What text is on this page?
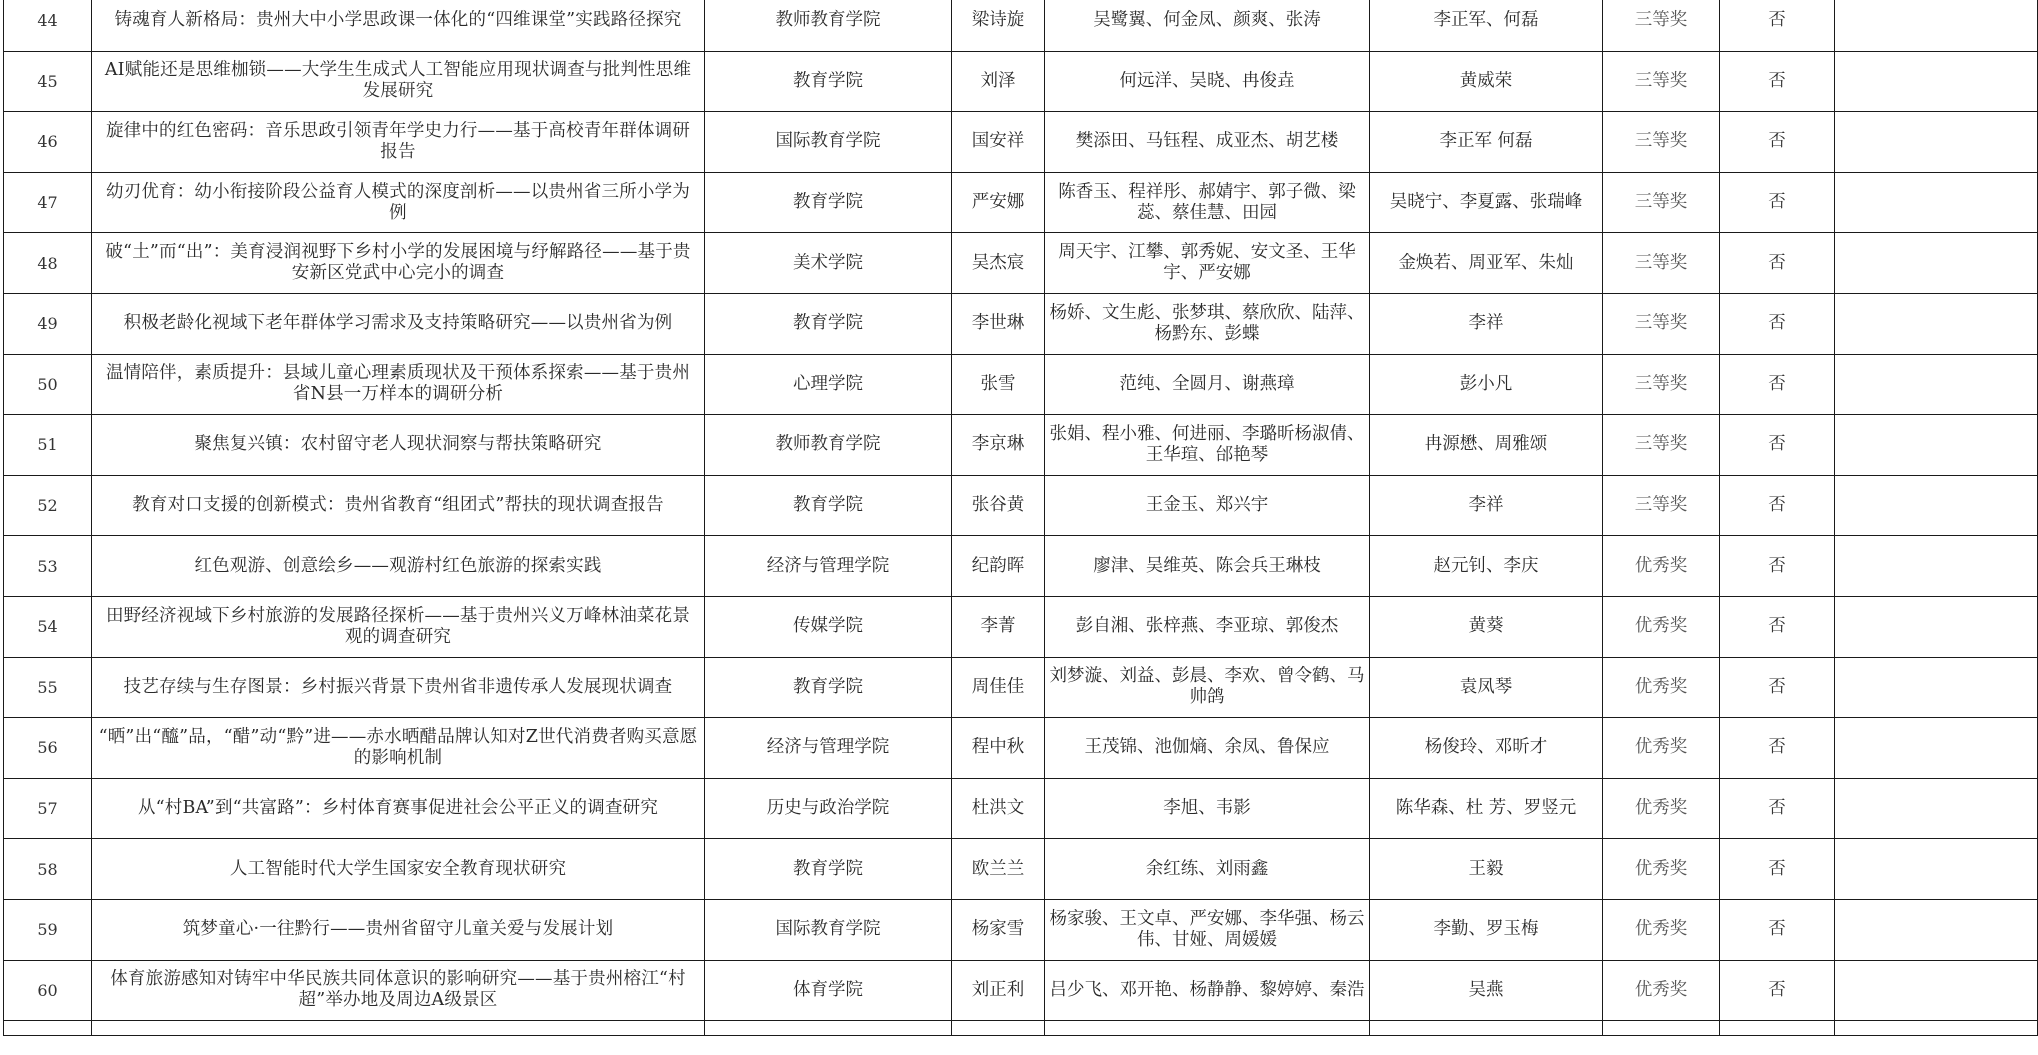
44	铸魂育人新格局：贵州大中小学思政课一体化的“四维课堂”实践路径探究	教师教育学院	梁诗旋	吴鹭翼、何金凤、颜爽、张涛	李正军、何磊	三等奖	否	
45	AI赋能还是思维枷锁——大学生生成式人工智能应用现状调查与批判性思维发展研究	教育学院	刘泽	何远洋、吴晓、冉俊垚	黄威荣	三等奖	否	
46	旋律中的红色密码：音乐思政引领青年学史力行——基于高校青年群体调研报告	国际教育学院	国安祥	樊添田、马钰程、成亚杰、胡艺楼	李正军 何磊	三等奖	否	
47	幼刃优育：幼小衔接阶段公益育人模式的深度剖析——以贵州省三所小学为例	教育学院	严安娜	陈香玉、程祥彤、郝婧宇、郭子微、梁蕊、蔡佳慧、田园	吴晓宁、李夏露、张瑞峰	三等奖	否	
48	破“土”而“出”：美育浸润视野下乡村小学的发展困境与纾解路径——基于贵安新区党武中心完小的调查	美术学院	吴杰宸	周天宇、江攀、郭秀妮、安文圣、王华宇、严安娜	金焕若、周亚军、朱灿	三等奖	否	
49	积极老龄化视域下老年群体学习需求及支持策略研究——以贵州省为例	教育学院	李世琳	杨娇、文生彪、张梦琪、蔡欣欣、陆萍、杨黔东、彭蝶	李祥	三等奖	否	
50	温情陪伴，素质提升：县域儿童心理素质现状及干预体系探索——基于贵州省N县一万样本的调研分析	心理学院	张雪	范纯、全圆月、谢燕璋	彭小凡	三等奖	否	
51	聚焦复兴镇：农村留守老人现状洞察与帮扶策略研究	教师教育学院	李京琳	张娟、程小雅、何进丽、李璐昕杨淑倩、王华瑄、邰艳琴	冉源懋、周雅颂	三等奖	否	
52	教育对口支援的创新模式：贵州省教育“组团式”帮扶的现状调查报告	教育学院	张谷黄	王金玉、郑兴宇	李祥	三等奖	否	
53	红色观游、创意绘乡——观游村红色旅游的探索实践	经济与管理学院	纪韵晖	廖津、吴维英、陈会兵王琳枝	赵元钊、李庆	优秀奖	否	
54	田野经济视域下乡村旅游的发展路径探析——基于贵州兴义万峰林油菜花景观的调查研究	传媒学院	李菁	彭自湘、张梓燕、李亚琼、郭俊杰	黄葵	优秀奖	否	
55	技艺存续与生存图景：乡村振兴背景下贵州省非遗传承人发展现状调查	教育学院	周佳佳	刘梦漩、刘益、彭晨、李欢、曾令鹤、马帅鸽	袁凤琴	优秀奖	否	
56	“晒”出“醯”品，“醋”动“黔”进——赤水晒醋品牌认知对Z世代消费者购买意愿的影响机制	经济与管理学院	程中秋	王茂锦、池伽熵、余凤、鲁保应	杨俊玲、邓昕才	优秀奖	否	
57	从“村BA”到“共富路”：乡村体育赛事促进社会公平正义的调查研究	历史与政治学院	杜洪文	李旭、韦影	陈华森、杜 芳、罗竖元	优秀奖	否	
58	人工智能时代大学生国家安全教育现状研究	教育学院	欧兰兰	余红练、刘雨鑫	王毅	优秀奖	否	
59	筑梦童心·一往黔行——贵州省留守儿童关爱与发展计划	国际教育学院	杨家雪	杨家骏、王文卓、严安娜、李华强、杨云伟、甘娅、周媛媛	李勤、罗玉梅	优秀奖	否	
60	体育旅游感知对铸牢中华民族共同体意识的影响研究——基于贵州榕江“村超”举办地及周边A级景区	体育学院	刘正利	吕少飞、邓开艳、杨静静、黎婷婷、秦浩	吴燕	优秀奖	否	
